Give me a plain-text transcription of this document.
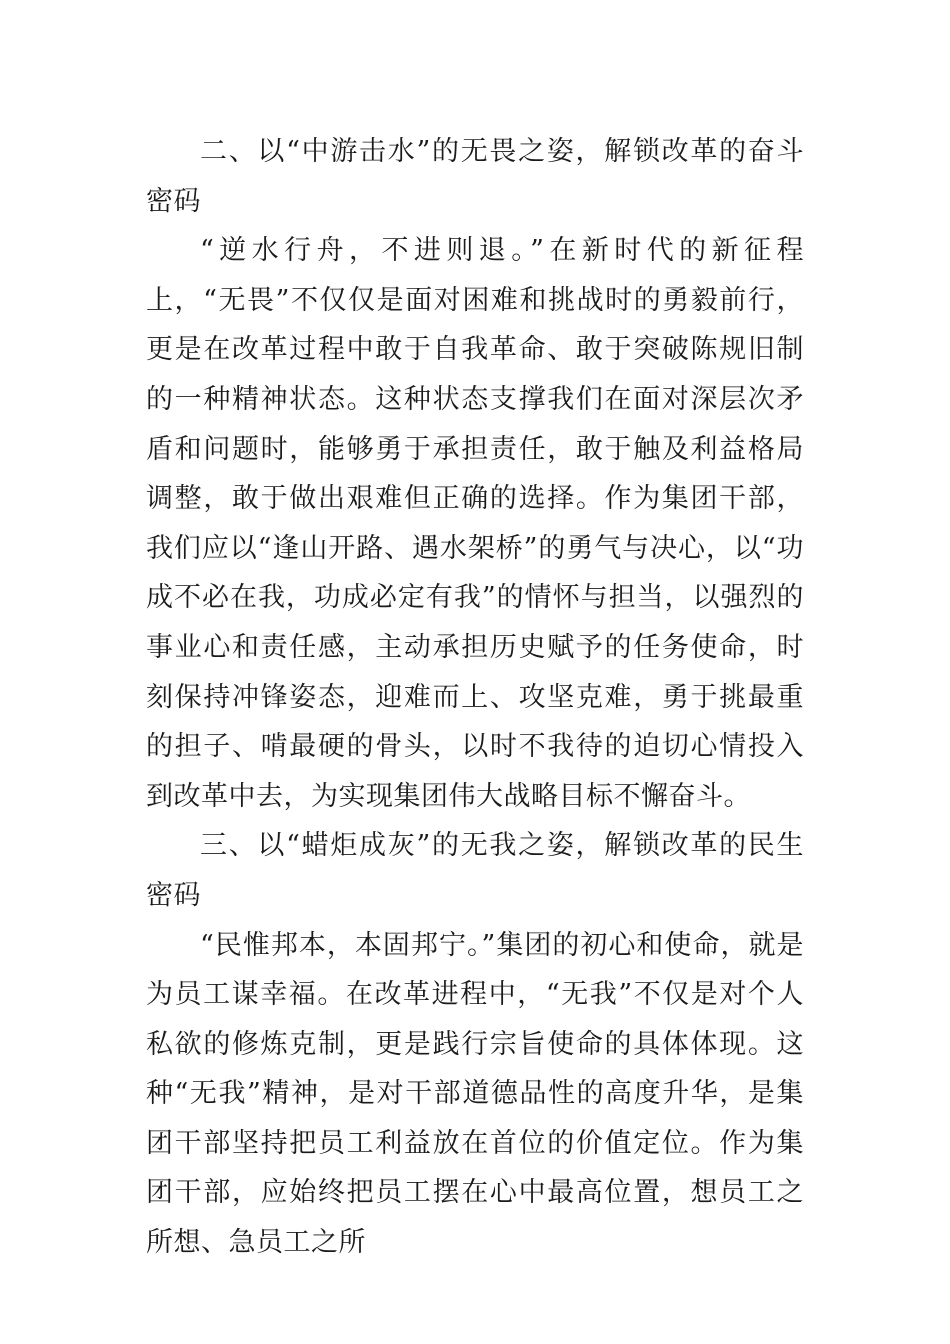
二、以“中游击水”的无畏之姿，解锁改革的奋斗密码

“逆水行舟，不进则退。”在新时代的新征程上，“无畏”不仅仅是面对困难和挑战时的勇毅前行，更是在改革过程中敢于自我革命、敢于突破陈规旧制的一种精神状态。这种状态支撑我们在面对深层次矛盾和问题时，能够勇于承担责任，敢于触及利益格局调整，敢于做出艰难但正确的选择。作为集团干部，我们应以“逢山开路、遇水架桥”的勇气与决心，以“功成不必在我，功成必定有我”的情怀与担当，以强烈的事业心和责任感，主动承担历史赋予的任务使命，时刻保持冲锋姿态，迎难而上、攻坚克难，勇于挑最重的担子、啃最硬的骨头，以时不我待的迫切心情投入到改革中去，为实现集团伟大战略目标不懈奋斗。

三、以“蜡炬成灰”的无我之姿，解锁改革的民生密码

“民惟邦本，本固邦宁。”集团的初心和使命，就是为员工谋幸福。在改革进程中，“无我”不仅是对个人私欲的修炼克制，更是践行宗旨使命的具体体现。这种“无我”精神，是对干部道德品性的高度升华，是集团干部坚持把员工利益放在首位的价值定位。作为集团干部，应始终把员工摆在心中最高位置，想员工之所想、急员工之所
